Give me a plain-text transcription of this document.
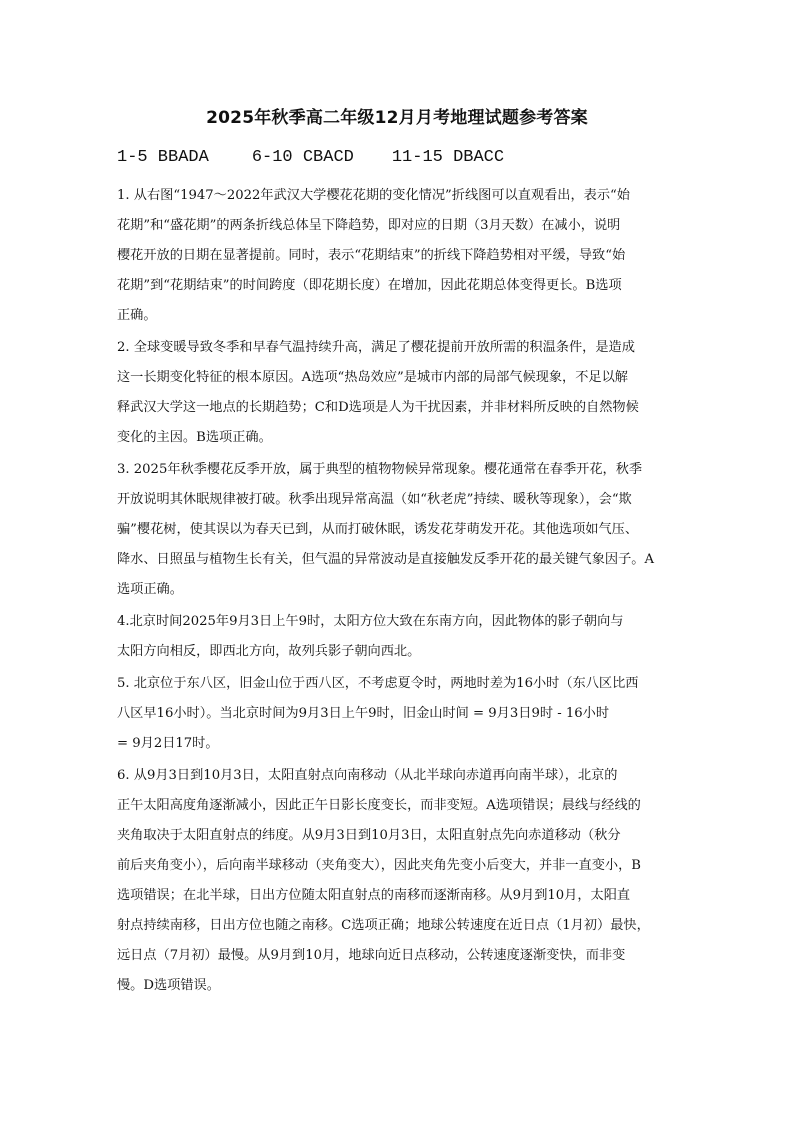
2025年秋季高二年级12月月考地理试题参考答案
1-5 BBADA	6-10 CBACD 11-15 DBACC
1. 从右图“1947～2022年武汉大学樱花花期的变化情况”折线图可以直观看出，表示“始
花期”和“盛花期”的两条折线总体呈下降趋势，即对应的日期（3月天数）在减小，说明
樱花开放的日期在显著提前。同时，表示“花期结束”的折线下降趋势相对平缓，导致“始
花期”到“花期结束”的时间跨度（即花期长度）在增加，因此花期总体变得更长。B选项
正确。
2. 全球变暖导致冬季和早春气温持续升高，满足了樱花提前开放所需的积温条件，是造成
这一长期变化特征的根本原因。A选项“热岛效应”是城市内部的局部气候现象，不足以解
释武汉大学这一地点的长期趋势；C和D选项是人为干扰因素，并非材料所反映的自然物候
变化的主因。B选项正确。
3. 2025年秋季樱花反季开放，属于典型的植物物候异常现象。樱花通常在春季开花，秋季
开放说明其休眠规律被打破。秋季出现异常高温（如“秋老虎”持续、暖秋等现象），会“欺
骗”樱花树，使其误以为春天已到，从而打破休眠，诱发花芽萌发开花。其他选项如气压、
降水、日照虽与植物生长有关，但气温的异常波动是直接触发反季开花的最关键气象因子。A
选项正确。
4.北京时间2025年9月3日上午9时，太阳方位大致在东南方向，因此物体的影子朝向与
太阳方向相反，即西北方向，故列兵影子朝向西北。
5. 北京位于东八区，旧金山位于西八区，不考虑夏令时，两地时差为16小时（东八区比西
八区早16小时）。当北京时间为9月3日上午9时，旧金山时间 = 9月3日9时 - 16小时
= 9月2日17时。
6. 从9月3日到10月3日，太阳直射点向南移动（从北半球向赤道再向南半球），北京的
正午太阳高度角逐渐减小，因此正午日影长度变长，而非变短。A选项错误；晨线与经线的
夹角取决于太阳直射点的纬度。从9月3日到10月3日，太阳直射点先向赤道移动（秋分
前后夹角变小），后向南半球移动（夹角变大），因此夹角先变小后变大，并非一直变小，B
选项错误；在北半球，日出方位随太阳直射点的南移而逐渐南移。从9月到10月，太阳直
射点持续南移，日出方位也随之南移。C选项正确；地球公转速度在近日点（1月初）最快，
远日点（7月初）最慢。从9月到10月，地球向近日点移动，公转速度逐渐变快，而非变
慢。D选项错误。
